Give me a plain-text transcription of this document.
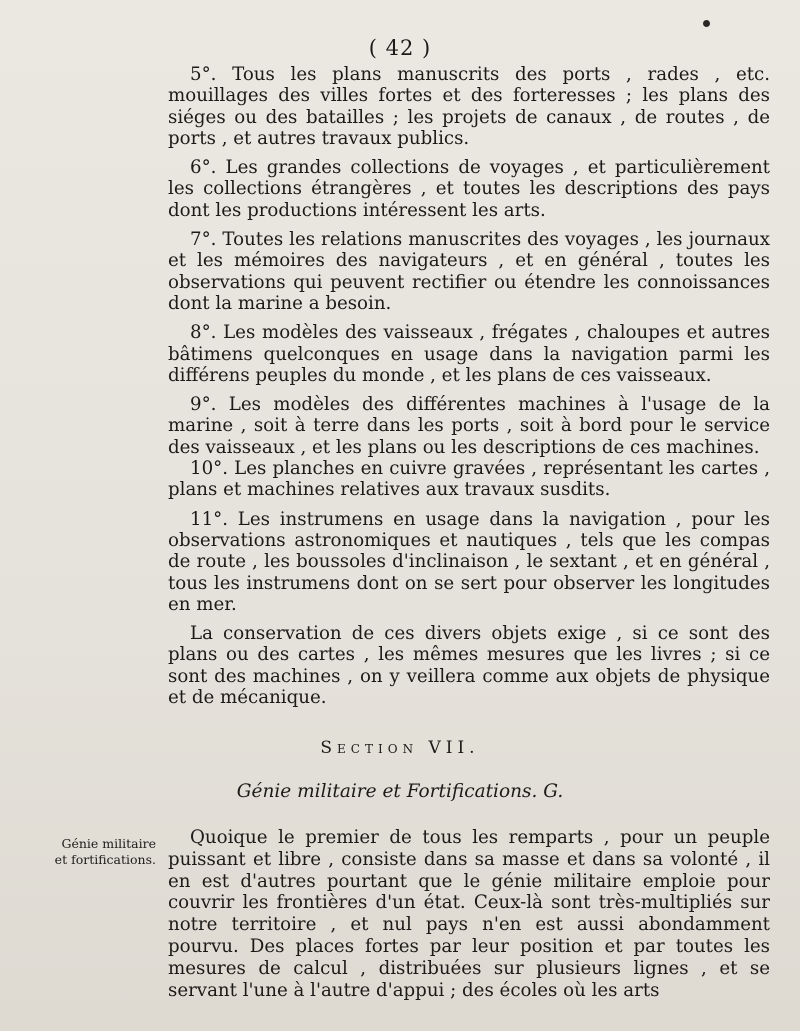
( 42 )

5°. Tous les plans manuscrits des ports , rades , etc. mouillages des villes fortes et des forteresses ; les plans des siéges ou des batailles ; les projets de canaux , de routes , de ports , et autres travaux publics.

6°. Les grandes collections de voyages , et particulièrement les collections étrangères , et toutes les descriptions des pays dont les productions intéressent les arts.

7°. Toutes les relations manuscrites des voyages , les journaux et les mémoires des navigateurs , et en général , toutes les observations qui peuvent rectifier ou étendre les connoissances dont la marine a besoin.

8°. Les modèles des vaisseaux , frégates , chaloupes et autres bâtimens quelconques en usage dans la navigation parmi les différens peuples du monde , et les plans de ces vaisseaux.

9°. Les modèles des différentes machines à l'usage de la marine , soit à terre dans les ports , soit à bord pour le service des vaisseaux , et les plans ou les descriptions de ces machines.

10°. Les planches en cuivre gravées , représentant les cartes , plans et machines relatives aux travaux susdits.

11°. Les instrumens en usage dans la navigation , pour les observations astronomiques et nautiques , tels que les compas de route , les boussoles d'inclinaison , le sextant , et en général , tous les instrumens dont on se sert pour observer les longitudes en mer.

La conservation de ces divers objets exige , si ce sont des plans ou des cartes , les mêmes mesures que les livres ; si ce sont des machines , on y veillera comme aux objets de physique et de mécanique.

Section VII.
Génie militaire et Fortifications. G.
Génie militaire
et fortifications.

Quoique le premier de tous les remparts , pour un peuple puissant et libre , consiste dans sa masse et dans sa volonté , il en est d'autres pourtant que le génie militaire emploie pour couvrir les frontières d'un état. Ceux-là sont très-multipliés sur notre territoire , et nul pays n'en est aussi abondamment pourvu. Des places fortes par leur position et par toutes les mesures de calcul , distribuées sur plusieurs lignes , et se servant l'une à l'autre d'appui ; des écoles où les arts
